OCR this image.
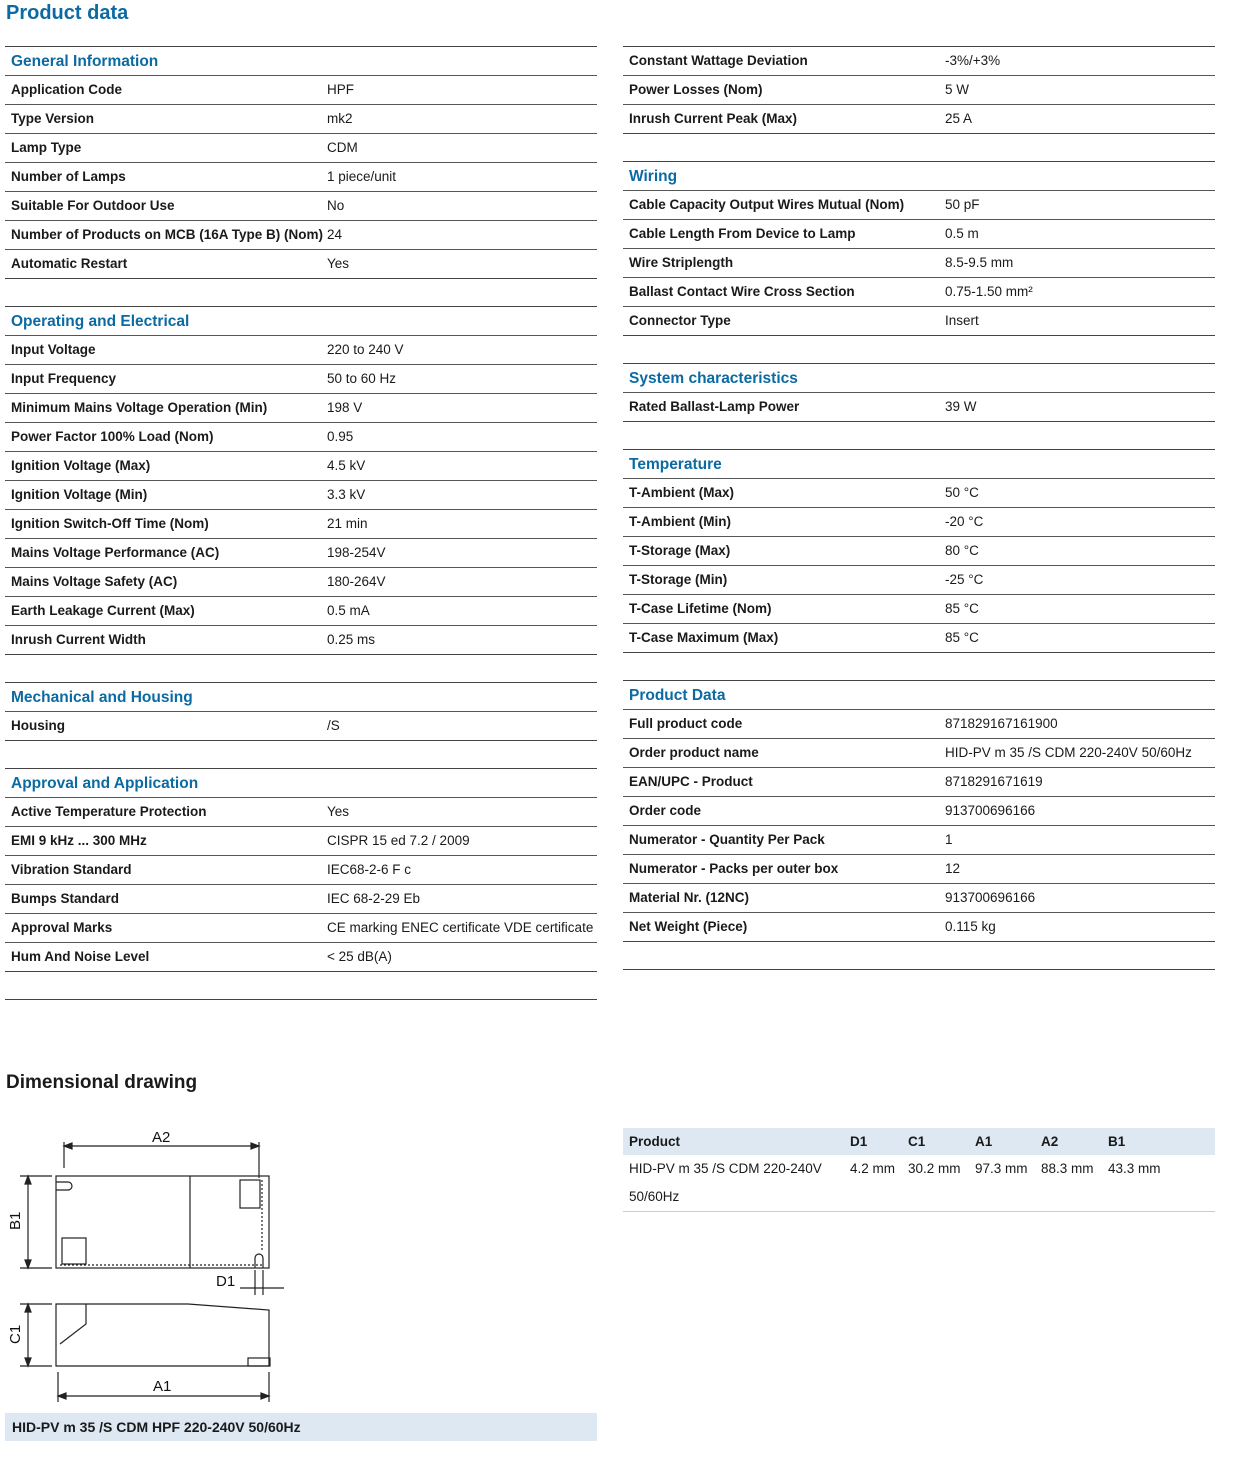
Product data
General Information
Application Code	HPF
Type Version	mk2
Lamp Type	CDM
Number of Lamps	1 piece/unit
Suitable For Outdoor Use	No
Number of Products on MCB (16A Type B) (Nom) 24
Automatic Restart	Yes
Operating and Electrical
Input Voltage	220 to 240 V
Input Frequency	50 to 60 Hz
Minimum Mains Voltage Operation (Min)	198 V
Power Factor 100% Load (Nom)	0.95
Ignition Voltage (Max)	4.5 kV
Ignition Voltage (Min)	3.3 kV
Ignition Switch-Off Time (Nom)	21 min
Mains Voltage Performance (AC)	198-254V
Mains Voltage Safety (AC)	180-264V
Earth Leakage Current (Max)	0.5 mA
Inrush Current Width	0.25 ms
Mechanical and Housing
Housing	/S
Approval and Application
Active Temperature Protection	Yes
EMI 9 kHz ... 300 MHz	CISPR 15 ed 7.2 / 2009
Vibration Standard	IEC68-2-6 F c
Bumps Standard	IEC 68-2-29 Eb
Approval Marks	CE marking ENEC certificate VDE certificate
Hum And Noise Level	< 25 dB(A)
Constant Wattage Deviation	-3%/+3%
Power Losses (Nom)	5 W
Inrush Current Peak (Max)	25 A
Wiring
Cable Capacity Output Wires Mutual (Nom)	50 pF
Cable Length From Device to Lamp	0.5 m
Wire Striplength	8.5-9.5 mm
Ballast Contact Wire Cross Section	0.75-1.50 mm²
Connector Type	Insert
System characteristics
Rated Ballast-Lamp Power	39 W
Temperature
T-Ambient (Max)	50 °C
T-Ambient (Min)	-20 °C
T-Storage (Max)	80 °C
T-Storage (Min)	-25 °C
T-Case Lifetime (Nom)	85 °C
T-Case Maximum (Max)	85 °C
Product Data
Full product code	871829167161900
Order product name	HID-PV m 35 /S CDM 220-240V 50/60Hz
EAN/UPC - Product	8718291671619
Order code	913700696166
Numerator - Quantity Per Pack	1
Numerator - Packs per outer box	12
Material Nr. (12NC)	913700696166
Net Weight (Piece)	0.115 kg
Dimensional drawing
A2
B1
D1
C1
A1
HID-PV m 35 /S CDM HPF 220-240V 50/60Hz
Product	D1	C1	A1	A2	B1
HID-PV m 35 /S CDM 220-240V 50/60Hz	4.2 mm	30.2 mm	97.3 mm	88.3 mm	43.3 mm
